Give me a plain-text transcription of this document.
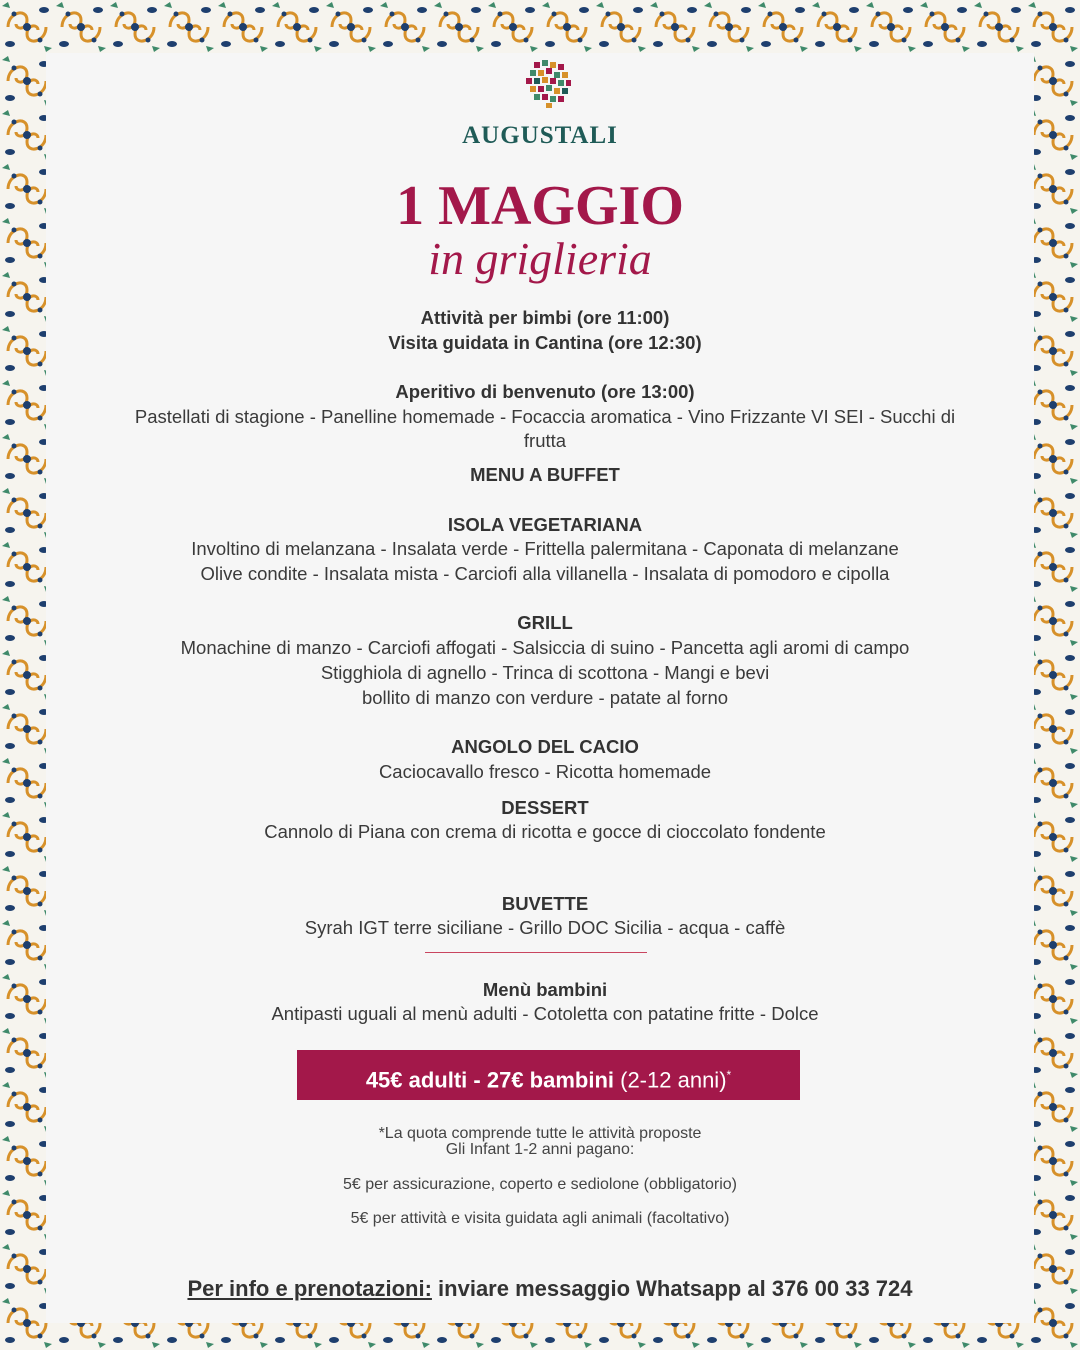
AUGUSTALI
1 MAGGIO
in griglieria
Attività per bimbi (ore 11:00)
Visita guidata in Cantina (ore 12:30)
Aperitivo di benvenuto (ore 13:00)
Pastellati di stagione - Panelline homemade - Focaccia aromatica - Vino Frizzante VI SEI - Succhi di
frutta
MENU A BUFFET
ISOLA VEGETARIANA
Involtino di melanzana - Insalata verde - Frittella palermitana - Caponata di melanzane
Olive condite - Insalata mista - Carciofi alla villanella - Insalata di pomodoro e cipolla
GRILL
Monachine di manzo - Carciofi affogati - Salsiccia di suino - Pancetta agli aromi di campo
Stigghiola di agnello - Trinca di scottona - Mangi e bevi
bollito di manzo con verdure - patate al forno
ANGOLO DEL CACIO
Caciocavallo fresco - Ricotta homemade
DESSERT
Cannolo di Piana con crema di ricotta e gocce di cioccolato fondente
BUVETTE
Syrah IGT terre siciliane - Grillo DOC Sicilia - acqua - caffè
Menù bambini
Antipasti uguali al menù adulti - Cotoletta con patatine fritte - Dolce
45€ adulti - 27€ bambini (2-12 anni)*
*La quota comprende tutte le attività proposte
Gli Infant 1-2 anni pagano:
5€ per assicurazione, coperto e sediolone (obbligatorio)
5€ per attività e visita guidata agli animali (facoltativo)
Per info e prenotazioni: inviare messaggio Whatsapp al 376 00 33 724
